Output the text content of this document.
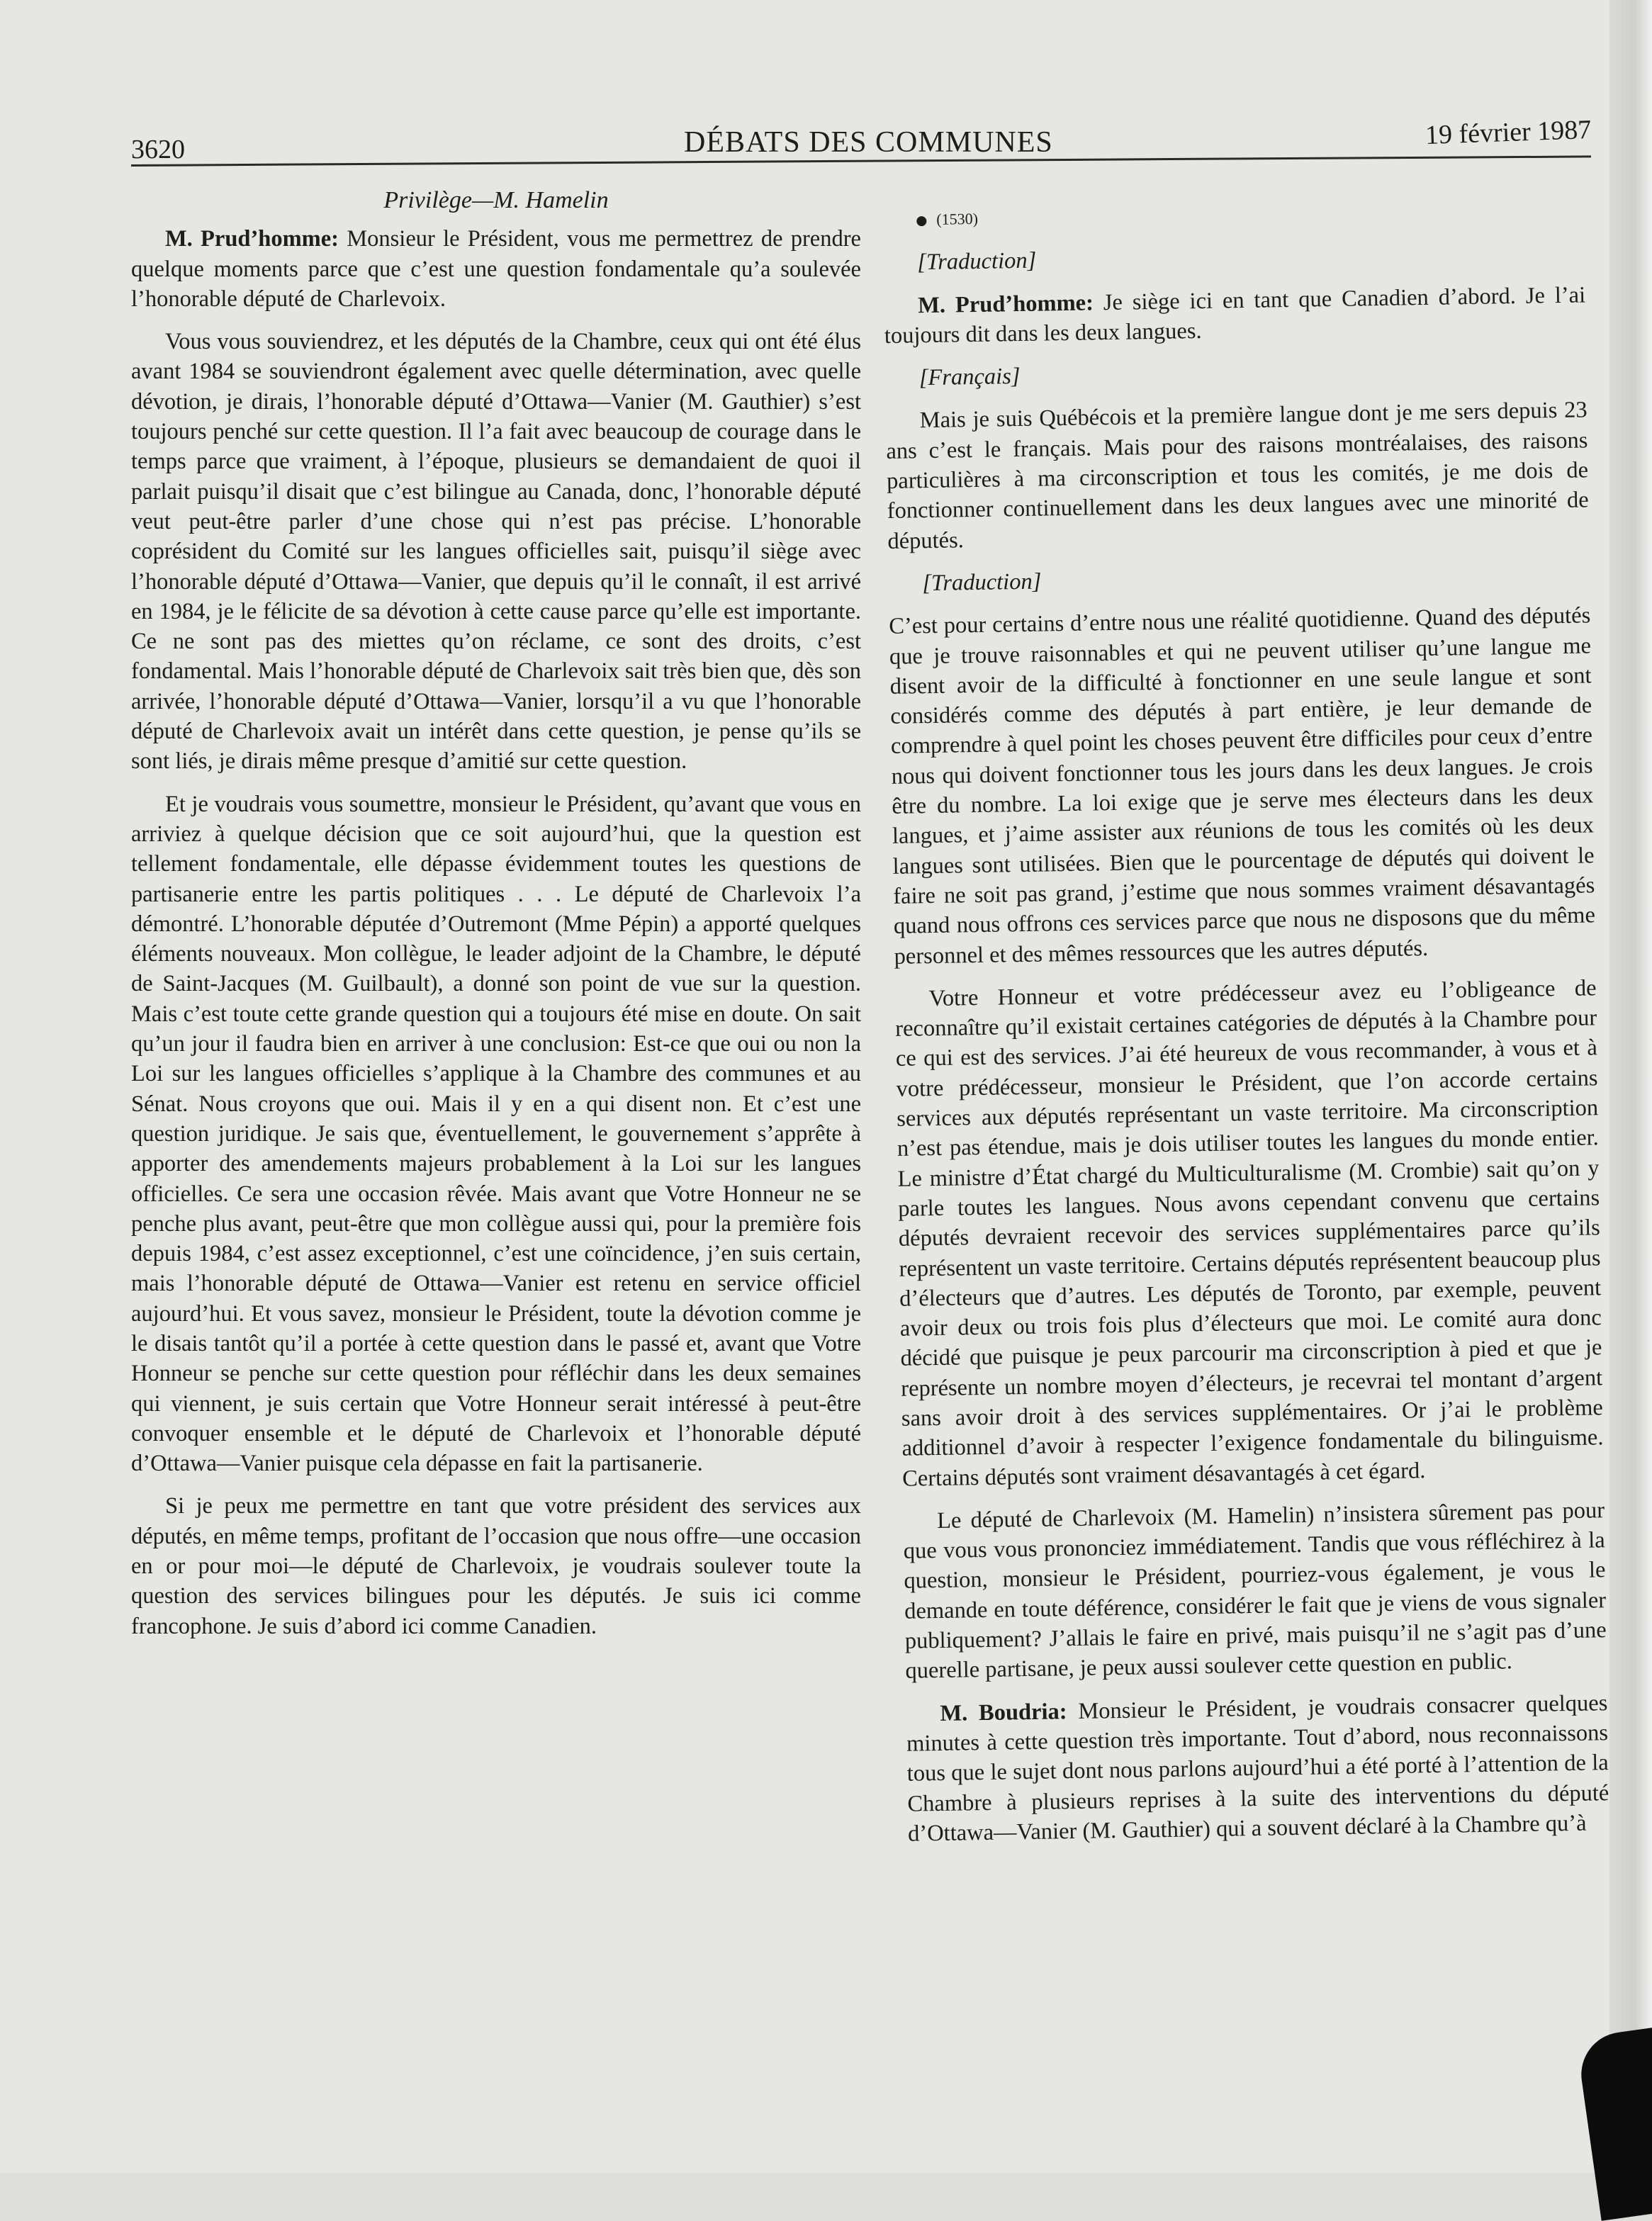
3620	DÉBATS DES COMMUNES	19 février 1987
Privilège—M. Hamelin

M. Prud’homme: Monsieur le Président, vous me permettrez de prendre quelque moments parce que c’est une question fondamentale qu’a soulevée l’honorable député de Charlevoix.

Vous vous souviendrez, et les députés de la Chambre, ceux qui ont été élus avant 1984 se souviendront également avec quelle détermination, avec quelle dévotion, je dirais, l’honorable député d’Ottawa—Vanier (M. Gauthier) s’est toujours penché sur cette question. Il l’a fait avec beaucoup de courage dans le temps parce que vraiment, à l’époque, plusieurs se demandaient de quoi il parlait puisqu’il disait que c’est bilingue au Canada, donc, l’honorable député veut peut-être parler d’une chose qui n’est pas précise. L’honorable coprésident du Comité sur les langues officielles sait, puisqu’il siège avec l’honorable député d’Ottawa—Vanier, que depuis qu’il le connaît, il est arrivé en 1984, je le félicite de sa dévotion à cette cause parce qu’elle est importante. Ce ne sont pas des miettes qu’on réclame, ce sont des droits, c’est fondamental. Mais l’honorable député de Charlevoix sait très bien que, dès son arrivée, l’honorable député d’Ottawa—Vanier, lorsqu’il a vu que l’honorable député de Charlevoix avait un intérêt dans cette question, je pense qu’ils se sont liés, je dirais même presque d’amitié sur cette question.

Et je voudrais vous soumettre, monsieur le Président, qu’avant que vous en arriviez à quelque décision que ce soit aujourd’hui, que la question est tellement fondamentale, elle dépasse évidemment toutes les questions de partisanerie entre les partis politiques . . . Le député de Charlevoix l’a démontré. L’honorable députée d’Outremont (Mme Pépin) a apporté quelques éléments nouveaux. Mon collègue, le leader adjoint de la Chambre, le député de Saint-Jacques (M. Guilbault), a donné son point de vue sur la question. Mais c’est toute cette grande question qui a toujours été mise en doute. On sait qu’un jour il faudra bien en arriver à une conclusion: Est-ce que oui ou non la Loi sur les langues officielles s’applique à la Chambre des communes et au Sénat. Nous croyons que oui. Mais il y en a qui disent non. Et c’est une question juridique. Je sais que, éventuellement, le gouvernement s’apprête à apporter des amendements majeurs probablement à la Loi sur les langues officielles. Ce sera une occasion rêvée. Mais avant que Votre Honneur ne se penche plus avant, peut-être que mon collègue aussi qui, pour la première fois depuis 1984, c’est assez exceptionnel, c’est une coïncidence, j’en suis certain, mais l’honorable député de Ottawa—Vanier est retenu en service officiel aujourd’hui. Et vous savez, monsieur le Président, toute la dévotion comme je le disais tantôt qu’il a portée à cette question dans le passé et, avant que Votre Honneur se penche sur cette question pour réfléchir dans les deux semaines qui viennent, je suis certain que Votre Honneur serait intéressé à peut-être convoquer ensemble et le député de Charlevoix et l’honorable député d’Ottawa—Vanier puisque cela dépasse en fait la partisanerie.

Si je peux me permettre en tant que votre président des services aux députés, en même temps, profitant de l’occasion que nous offre—une occasion en or pour moi—le député de Charlevoix, je voudrais soulever toute la question des services bilingues pour les députés. Je suis ici comme francophone. Je suis d’abord ici comme Canadien.

(1530)

[Traduction]

M. Prud’homme: Je siège ici en tant que Canadien d’abord. Je l’ai toujours dit dans les deux langues.

[Français]

Mais je suis Québécois et la première langue dont je me sers depuis 23 ans c’est le français. Mais pour des raisons montréalaises, des raisons particulières à ma circonscription et tous les comités, je me dois de fonctionner continuellement dans les deux langues avec une minorité de députés.

[Traduction]

C’est pour certains d’entre nous une réalité quotidienne. Quand des députés que je trouve raisonnables et qui ne peuvent utiliser qu’une langue me disent avoir de la difficulté à fonctionner en une seule langue et sont considérés comme des députés à part entière, je leur demande de comprendre à quel point les choses peuvent être difficiles pour ceux d’entre nous qui doivent fonctionner tous les jours dans les deux langues. Je crois être du nombre. La loi exige que je serve mes électeurs dans les deux langues, et j’aime assister aux réunions de tous les comités où les deux langues sont utilisées. Bien que le pourcentage de députés qui doivent le faire ne soit pas grand, j’estime que nous sommes vraiment désavantagés quand nous offrons ces services parce que nous ne disposons que du même personnel et des mêmes ressources que les autres députés.

Votre Honneur et votre prédécesseur avez eu l’obligeance de reconnaître qu’il existait certaines catégories de députés à la Chambre pour ce qui est des services. J’ai été heureux de vous recommander, à vous et à votre prédécesseur, monsieur le Président, que l’on accorde certains services aux députés représentant un vaste territoire. Ma circonscription n’est pas étendue, mais je dois utiliser toutes les langues du monde entier. Le ministre d’État chargé du Multiculturalisme (M. Crombie) sait qu’on y parle toutes les langues. Nous avons cependant convenu que certains députés devraient recevoir des services supplémentaires parce qu’ils représentent un vaste territoire. Certains députés représentent beaucoup plus d’électeurs que d’autres. Les députés de Toronto, par exemple, peuvent avoir deux ou trois fois plus d’électeurs que moi. Le comité aura donc décidé que puisque je peux parcourir ma circonscription à pied et que je représente un nombre moyen d’électeurs, je recevrai tel montant d’argent sans avoir droit à des services supplémentaires. Or j’ai le problème additionnel d’avoir à respecter l’exigence fondamentale du bilinguisme. Certains députés sont vraiment désavantagés à cet égard.

Le député de Charlevoix (M. Hamelin) n’insistera sûrement pas pour que vous vous prononciez immédiatement. Tandis que vous réfléchirez à la question, monsieur le Président, pourriez-vous également, je vous le demande en toute déférence, considérer le fait que je viens de vous signaler publiquement? J’allais le faire en privé, mais puisqu’il ne s’agit pas d’une querelle partisane, je peux aussi soulever cette question en public.

M. Boudria: Monsieur le Président, je voudrais consacrer quelques minutes à cette question très importante. Tout d’abord, nous reconnaissons tous que le sujet dont nous parlons aujourd’hui a été porté à l’attention de la Chambre à plusieurs reprises à la suite des interventions du député d’Ottawa—Vanier (M. Gauthier) qui a souvent déclaré à la Chambre qu’à
